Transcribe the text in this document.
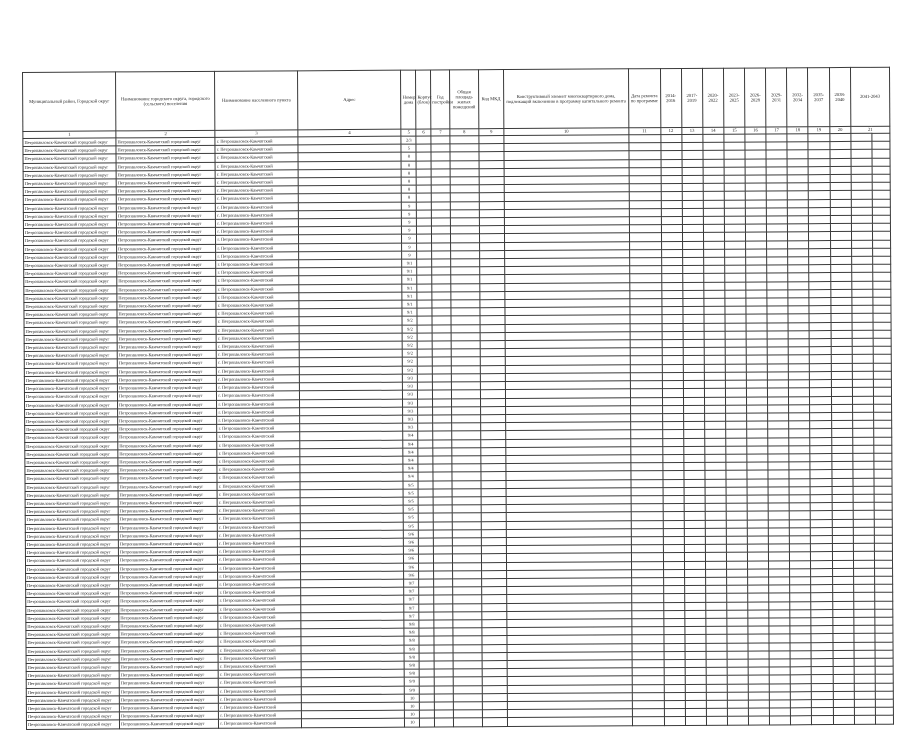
Муниципальный район, Городской округ	Наименование городского округа, городского (сельского) поселения	Наименование населенного пункта	Адрес	Номер дома	Корпус (блок)	Год постройки	Общая площадь жилых помещений	Код МКД	Конструктивный элемент многоквартирного дома, подлежащий включению в программу капитального ремонта	Дата ремонта по программе	2014-2016	2017-2019	2020-2022	2023-2025	2026-2028	2029-2031	2032-2034	2035-2037	2038-2040	2041-2043	
1	2	3	4	5	6	7	8	9	10	11	12	13	14	15	16	17	18	19	20	21	
Петропавловск-Камчатский городской округ	Петропавловск-Камчатский городской округ	г. Петропавловск-Камчатский		2/3																	
Петропавловск-Камчатский городской округ	Петропавловск-Камчатский городской округ	г. Петропавловск-Камчатский		5																	
Петропавловск-Камчатский городской округ	Петропавловск-Камчатский городской округ	г. Петропавловск-Камчатский		8																	
Петропавловск-Камчатский городской округ	Петропавловск-Камчатский городской округ	г. Петропавловск-Камчатский		8																	
Петропавловск-Камчатский городской округ	Петропавловск-Камчатский городской округ	г. Петропавловск-Камчатский		8																	
Петропавловск-Камчатский городской округ	Петропавловск-Камчатский городской округ	г. Петропавловск-Камчатский		8																	
Петропавловск-Камчатский городской округ	Петропавловск-Камчатский городской округ	г. Петропавловск-Камчатский		8																	
Петропавловск-Камчатский городской округ	Петропавловск-Камчатский городской округ	г. Петропавловск-Камчатский		8																	
Петропавловск-Камчатский городской округ	Петропавловск-Камчатский городской округ	г. Петропавловск-Камчатский		9																	
Петропавловск-Камчатский городской округ	Петропавловск-Камчатский городской округ	г. Петропавловск-Камчатский		9																	
Петропавловск-Камчатский городской округ	Петропавловск-Камчатский городской округ	г. Петропавловск-Камчатский		9																	
Петропавловск-Камчатский городской округ	Петропавловск-Камчатский городской округ	г. Петропавловск-Камчатский		9																	
Петропавловск-Камчатский городской округ	Петропавловск-Камчатский городской округ	г. Петропавловск-Камчатский		9																	
Петропавловск-Камчатский городской округ	Петропавловск-Камчатский городской округ	г. Петропавловск-Камчатский		9																	
Петропавловск-Камчатский городской округ	Петропавловск-Камчатский городской округ	г. Петропавловск-Камчатский		9																	
Петропавловск-Камчатский городской округ	Петропавловск-Камчатский городской округ	г. Петропавловск-Камчатский		9/1																	
Петропавловск-Камчатский городской округ	Петропавловск-Камчатский городской округ	г. Петропавловск-Камчатский		9/1																	
Петропавловск-Камчатский городской округ	Петропавловск-Камчатский городской округ	г. Петропавловск-Камчатский		9/1																	
Петропавловск-Камчатский городской округ	Петропавловск-Камчатский городской округ	г. Петропавловск-Камчатский		9/1																	
Петропавловск-Камчатский городской округ	Петропавловск-Камчатский городской округ	г. Петропавловск-Камчатский		9/1																	
Петропавловск-Камчатский городской округ	Петропавловск-Камчатский городской округ	г. Петропавловск-Камчатский		9/1																	
Петропавловск-Камчатский городской округ	Петропавловск-Камчатский городской округ	г. Петропавловск-Камчатский		9/1																	
Петропавловск-Камчатский городской округ	Петропавловск-Камчатский городской округ	г. Петропавловск-Камчатский		9/2																	
Петропавловск-Камчатский городской округ	Петропавловск-Камчатский городской округ	г. Петропавловск-Камчатский		9/2																	
Петропавловск-Камчатский городской округ	Петропавловск-Камчатский городской округ	г. Петропавловск-Камчатский		9/2																	
Петропавловск-Камчатский городской округ	Петропавловск-Камчатский городской округ	г. Петропавловск-Камчатский		9/2																	
Петропавловск-Камчатский городской округ	Петропавловск-Камчатский городской округ	г. Петропавловск-Камчатский		9/2																	
Петропавловск-Камчатский городской округ	Петропавловск-Камчатский городской округ	г. Петропавловск-Камчатский		9/2																	
Петропавловск-Камчатский городской округ	Петропавловск-Камчатский городской округ	г. Петропавловск-Камчатский		9/2																	
Петропавловск-Камчатский городской округ	Петропавловск-Камчатский городской округ	г. Петропавловск-Камчатский		9/3																	
Петропавловск-Камчатский городской округ	Петропавловск-Камчатский городской округ	г. Петропавловск-Камчатский		9/3																	
Петропавловск-Камчатский городской округ	Петропавловск-Камчатский городской округ	г. Петропавловск-Камчатский		9/3																	
Петропавловск-Камчатский городской округ	Петропавловск-Камчатский городской округ	г. Петропавловск-Камчатский		9/3																	
Петропавловск-Камчатский городской округ	Петропавловск-Камчатский городской округ	г. Петропавловск-Камчатский		9/3																	
Петропавловск-Камчатский городской округ	Петропавловск-Камчатский городской округ	г. Петропавловск-Камчатский		9/3																	
Петропавловск-Камчатский городской округ	Петропавловск-Камчатский городской округ	г. Петропавловск-Камчатский		9/3																	
Петропавловск-Камчатский городской округ	Петропавловск-Камчатский городской округ	г. Петропавловск-Камчатский		9/4																	
Петропавловск-Камчатский городской округ	Петропавловск-Камчатский городской округ	г. Петропавловск-Камчатский		9/4																	
Петропавловск-Камчатский городской округ	Петропавловск-Камчатский городской округ	г. Петропавловск-Камчатский		9/4																	
Петропавловск-Камчатский городской округ	Петропавловск-Камчатский городской округ	г. Петропавловск-Камчатский		9/4																	
Петропавловск-Камчатский городской округ	Петропавловск-Камчатский городской округ	г. Петропавловск-Камчатский		9/4																	
Петропавловск-Камчатский городской округ	Петропавловск-Камчатский городской округ	г. Петропавловск-Камчатский		9/4																	
Петропавловск-Камчатский городской округ	Петропавловск-Камчатский городской округ	г. Петропавловск-Камчатский		9/5																	
Петропавловск-Камчатский городской округ	Петропавловск-Камчатский городской округ	г. Петропавловск-Камчатский		9/5																	
Петропавловск-Камчатский городской округ	Петропавловск-Камчатский городской округ	г. Петропавловск-Камчатский		9/5																	
Петропавловск-Камчатский городской округ	Петропавловск-Камчатский городской округ	г. Петропавловск-Камчатский		9/5																	
Петропавловск-Камчатский городской округ	Петропавловск-Камчатский городской округ	г. Петропавловск-Камчатский		9/5																	
Петропавловск-Камчатский городской округ	Петропавловск-Камчатский городской округ	г. Петропавловск-Камчатский		9/5																	
Петропавловск-Камчатский городской округ	Петропавловск-Камчатский городской округ	г. Петропавловск-Камчатский		9/6																	
Петропавловск-Камчатский городской округ	Петропавловск-Камчатский городской округ	г. Петропавловск-Камчатский		9/6																	
Петропавловск-Камчатский городской округ	Петропавловск-Камчатский городской округ	г. Петропавловск-Камчатский		9/6																	
Петропавловск-Камчатский городской округ	Петропавловск-Камчатский городской округ	г. Петропавловск-Камчатский		9/6																	
Петропавловск-Камчатский городской округ	Петропавловск-Камчатский городской округ	г. Петропавловск-Камчатский		9/6																	
Петропавловск-Камчатский городской округ	Петропавловск-Камчатский городской округ	г. Петропавловск-Камчатский		9/6																	
Петропавловск-Камчатский городской округ	Петропавловск-Камчатский городской округ	г. Петропавловск-Камчатский		9/7																	
Петропавловск-Камчатский городской округ	Петропавловск-Камчатский городской округ	г. Петропавловск-Камчатский		9/7																	
Петропавловск-Камчатский городской округ	Петропавловск-Камчатский городской округ	г. Петропавловск-Камчатский		9/7																	
Петропавловск-Камчатский городской округ	Петропавловск-Камчатский городской округ	г. Петропавловск-Камчатский		9/7																	
Петропавловск-Камчатский городской округ	Петропавловск-Камчатский городской округ	г. Петропавловск-Камчатский		9/7																	
Петропавловск-Камчатский городской округ	Петропавловск-Камчатский городской округ	г. Петропавловск-Камчатский		9/8																	
Петропавловск-Камчатский городской округ	Петропавловск-Камчатский городской округ	г. Петропавловск-Камчатский		9/8																	
Петропавловск-Камчатский городской округ	Петропавловск-Камчатский городской округ	г. Петропавловск-Камчатский		9/8																	
Петропавловск-Камчатский городской округ	Петропавловск-Камчатский городской округ	г. Петропавловск-Камчатский		9/8																	
Петропавловск-Камчатский городской округ	Петропавловск-Камчатский городской округ	г. Петропавловск-Камчатский		9/8																	
Петропавловск-Камчатский городской округ	Петропавловск-Камчатский городской округ	г. Петропавловск-Камчатский		9/8																	
Петропавловск-Камчатский городской округ	Петропавловск-Камчатский городской округ	г. Петропавловск-Камчатский		9/8																	
Петропавловск-Камчатский городской округ	Петропавловск-Камчатский городской округ	г. Петропавловск-Камчатский		9/9																	
Петропавловск-Камчатский городской округ	Петропавловск-Камчатский городской округ	г. Петропавловск-Камчатский		9/9																	
Петропавловск-Камчатский городской округ	Петропавловск-Камчатский городской округ	г. Петропавловск-Камчатский		10																	
Петропавловск-Камчатский городской округ	Петропавловск-Камчатский городской округ	г. Петропавловск-Камчатский		10																	
Петропавловск-Камчатский городской округ	Петропавловск-Камчатский городской округ	г. Петропавловск-Камчатский		10																	
Петропавловск-Камчатский городской округ	Петропавловск-Камчатский городской округ	г. Петропавловск-Камчатский		10																	
